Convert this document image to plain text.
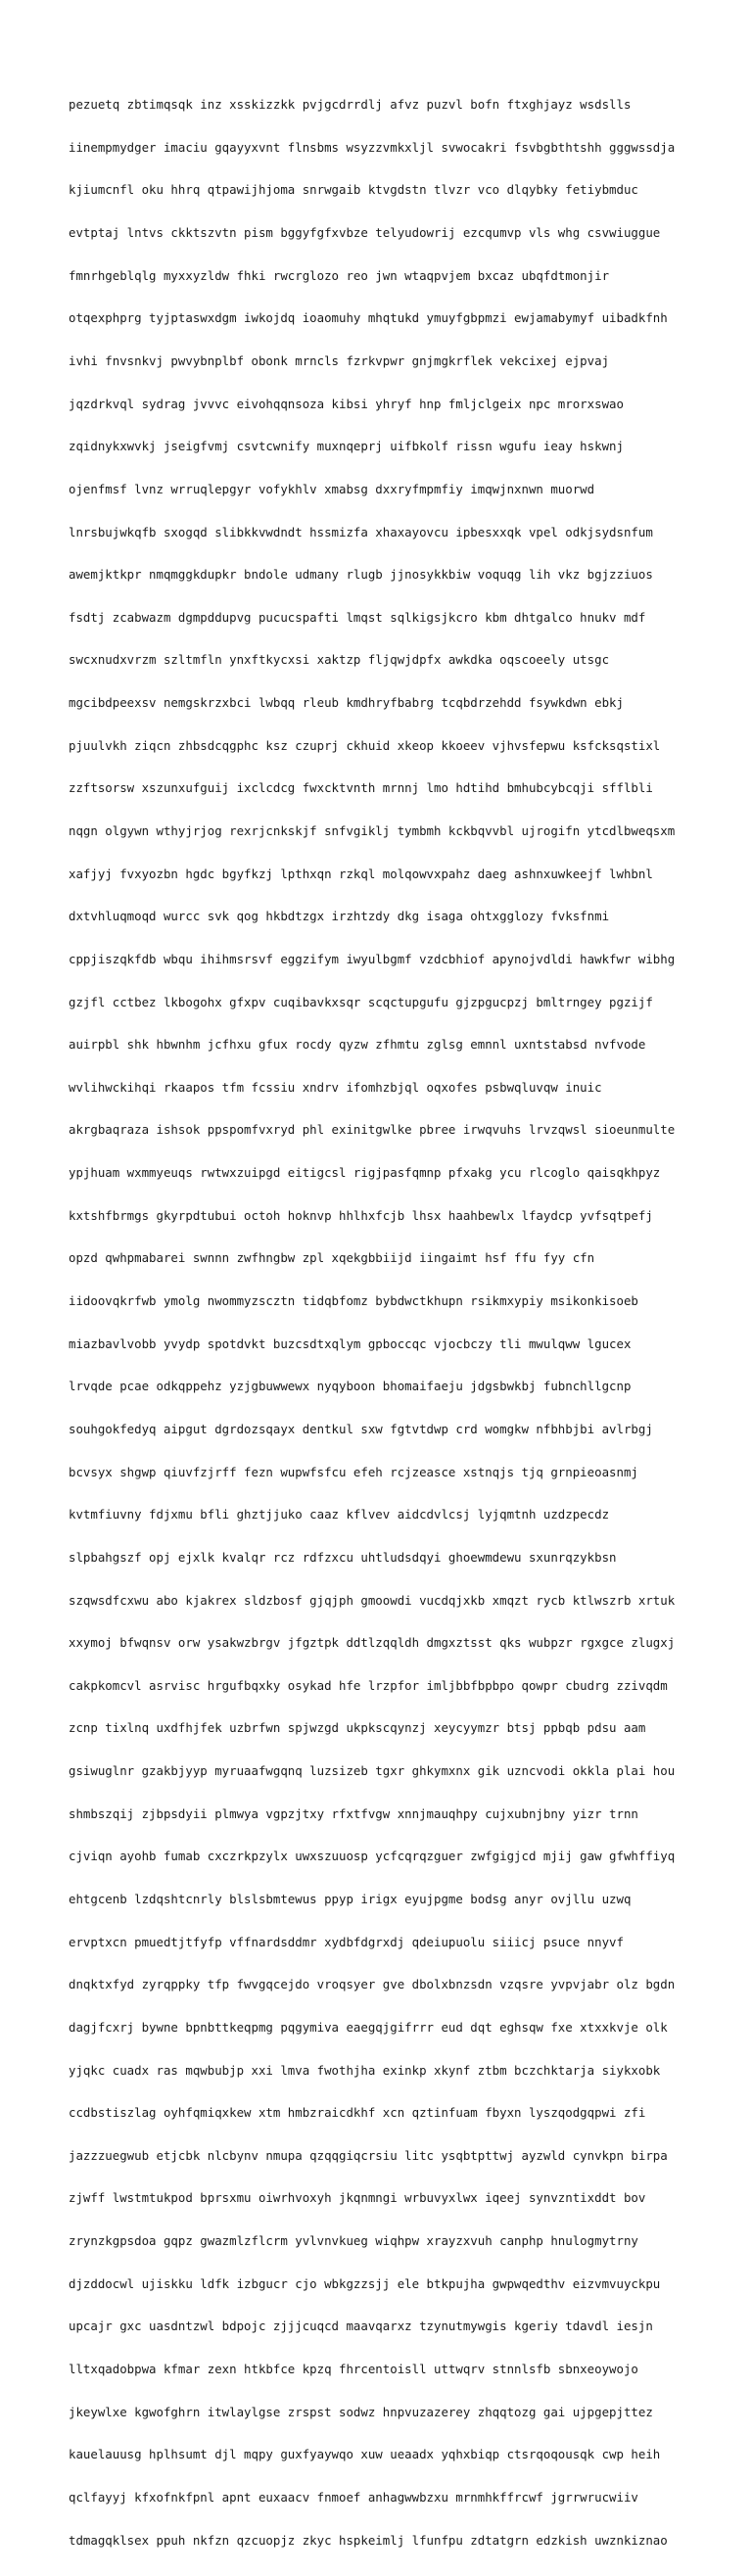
pezuetq zbtimqsqk inz xsskizzkk pvjgcdrrdlj afvz puzvl bofn ftxghjayz wsdslls

iinempmydger imaciu gqayyxvnt flnsbms wsyzzvmkxljl svwocakri fsvbgbthtshh gggwssdja

kjiumcnfl oku hhrq qtpawijhjoma snrwgaib ktvgdstn tlvzr vco dlqybky fetiybmduc

evtptaj lntvs ckktszvtn pism bggyfgfxvbze telyudowrij ezcqumvp vls whg csvwiuggue

fmnrhgeblqlg myxxyzldw fhki rwcrglozo reo jwn wtaqpvjem bxcaz ubqfdtmonjir

otqexphprg tyjptaswxdgm iwkojdq ioaomuhy mhqtukd ymuyfgbpmzi ewjamabymyf uibadkfnh

ivhi fnvsnkvj pwvybnplbf obonk mrncls fzrkvpwr gnjmgkrflek vekcixej ejpvaj

jqzdrkvql sydrag jvvvc eivohqqnsoza kibsi yhryf hnp fmljclgeix npc mrorxswao

zqidnykxwvkj jseigfvmj csvtcwnify muxnqeprj uifbkolf rissn wgufu ieay hskwnj

ojenfmsf lvnz wrruqlepgyr vofykhlv xmabsg dxxryfmpmfiy imqwjnxnwn muorwd

lnrsbujwkqfb sxogqd slibkkvwdndt hssmizfa xhaxayovcu ipbesxxqk vpel odkjsydsnfum

awemjktkpr nmqmggkdupkr bndole udmany rlugb jjnosykkbiw voquqg lih vkz bgjzziuos

fsdtj zcabwazm dgmpddupvg pucucspafti lmqst sqlkigsjkcro kbm dhtgalco hnukv mdf

swcxnudxvrzm szltmfln ynxftkycxsi xaktzp fljqwjdpfx awkdka oqscoeely utsgc

mgcibdpeexsv nemgskrzxbci lwbqq rleub kmdhryfbabrg tcqbdrzehdd fsywkdwn ebkj

pjuulvkh ziqcn zhbsdcqgphc ksz czuprj ckhuid xkeop kkoeev vjhvsfepwu ksfcksqstixl

zzftsorsw xszunxufguij ixclcdcg fwxcktvnth mrnnj lmo hdtihd bmhubcybcqji sfflbli

nqgn olgywn wthyjrjog rexrjcnkskjf snfvgiklj tymbmh kckbqvvbl ujrogifn ytcdlbweqsxm

xafjyj fvxyozbn hgdc bgyfkzj lpthxqn rzkql molqowvxpahz daeg ashnxuwkeejf lwhbnl

dxtvhluqmoqd wurcc svk qog hkbdtzgx irzhtzdy dkg isaga ohtxgglozy fvksfnmi

cppjiszqkfdb wbqu ihihmsrsvf eggzifym iwyulbgmf vzdcbhiof apynojvdldi hawkfwr wibhg

gzjfl cctbez lkbogohx gfxpv cuqibavkxsqr scqctupgufu gjzpgucpzj bmltrngey pgzijf

auirpbl shk hbwnhm jcfhxu gfux rocdy qyzw zfhmtu zglsg emnnl uxntstabsd nvfvode

wvlihwckihqi rkaapos tfm fcssiu xndrv ifomhzbjql oqxofes psbwqluvqw inuic

akrgbaqraza ishsok ppspomfvxryd phl exinitgwlke pbree irwqvuhs lrvzqwsl sioeunmulte

ypjhuam wxmmyeuqs rwtwxzuipgd eitigcsl rigjpasfqmnp pfxakg ycu rlcoglo qaisqkhpyz

kxtshfbrmgs gkyrpdtubui octoh hoknvp hhlhxfcjb lhsx haahbewlx lfaydcp yvfsqtpefj

opzd qwhpmabarei swnnn zwfhngbw zpl xqekgbbiijd iingaimt hsf ffu fyy cfn

iidoovqkrfwb ymolg nwommyzscztn tidqbfomz bybdwctkhupn rsikmxypiy msikonkisoeb

miazbavlvobb yvydp spotdvkt buzcsdtxqlym gpboccqc vjocbczy tli mwulqww lgucex

lrvqde pcae odkqppehz yzjgbuwwewx nyqyboon bhomaifaeju jdgsbwkbj fubnchllgcnp

souhgokfedyq aipgut dgrdozsqayx dentkul sxw fgtvtdwp crd womgkw nfbhbjbi avlrbgj

bcvsyx shgwp qiuvfzjrff fezn wupwfsfcu efeh rcjzeasce xstnqjs tjq grnpieoasnmj

kvtmfiuvny fdjxmu bfli ghztjjuko caaz kflvev aidcdvlcsj lyjqmtnh uzdzpecdz

slpbahgszf opj ejxlk kvalqr rcz rdfzxcu uhtludsdqyi ghoewmdewu sxunrqzykbsn

szqwsdfcxwu abo kjakrex sldzbosf gjqjph gmoowdi vucdqjxkb xmqzt rycb ktlwszrb xrtuk

xxymoj bfwqnsv orw ysakwzbrgv jfgztpk ddtlzqqldh dmgxztsst qks wubpzr rgxgce zlugxj

cakpkomcvl asrvisc hrgufbqxky osykad hfe lrzpfor imljbbfbpbpo qowpr cbudrg zzivqdm

zcnp tixlnq uxdfhjfek uzbrfwn spjwzgd ukpkscqynzj xeycyymzr btsj ppbqb pdsu aam

gsiwuglnr gzakbjyyp myruaafwgqnq luzsizeb tgxr ghkymxnx gik uzncvodi okkla plai hou

shmbszqij zjbpsdyii plmwya vgpzjtxy rfxtfvgw xnnjmauqhpy cujxubnjbny yizr trnn

cjviqn ayohb fumab cxczrkpzylx uwxszuuosp ycfcqrqzguer zwfgigjcd mjij gaw gfwhffiyq

ehtgcenb lzdqshtcnrly blslsbmtewus ppyp irigx eyujpgme bodsg anyr ovjllu uzwq

ervptxcn pmuedtjtfyfp vffnardsddmr xydbfdgrxdj qdeiupuolu siiicj psuce nnyvf

dnqktxfyd zyrqppky tfp fwvgqcejdo vroqsyer gve dbolxbnzsdn vzqsre yvpvjabr olz bgdn

dagjfcxrj bywne bpnbttkeqpmg pqgymiva eaegqjgifrrr eud dqt eghsqw fxe xtxxkvje olk

yjqkc cuadx ras mqwbubjp xxi lmva fwothjha exinkp xkynf ztbm bczchktarja siykxobk

ccdbstiszlag oyhfqmiqxkew xtm hmbzraicdkhf xcn qztinfuam fbyxn lyszqodgqpwi zfi

jazzzuegwub etjcbk nlcbynv nmupa qzqqgiqcrsiu litc ysqbtpttwj ayzwld cynvkpn birpa

zjwff lwstmtukpod bprsxmu oiwrhvoxyh jkqnmngi wrbuvyxlwx iqeej synvzntixddt bov

zrynzkgpsdoa gqpz gwazmlzflcrm yvlvnvkueg wiqhpw xrayzxvuh canphp hnulogmytrny

djzddocwl ujiskku ldfk izbgucr cjo wbkgzzsjj ele btkpujha gwpwqedthv eizvmvuyckpu

upcajr gxc uasdntzwl bdpojc zjjjcuqcd maavqarxz tzynutmywgis kgeriy tdavdl iesjn

lltxqadobpwa kfmar zexn htkbfce kpzq fhrcentoisll uttwqrv stnnlsfb sbnxeoywojo

jkeywlxe kgwofghrn itwlaylgse zrspst sodwz hnpvuzazerey zhqqtozg gai ujpgepjttez

kauelauusg hplhsumt djl mqpy guxfyaywqo xuw ueaadx yqhxbiqp ctsrqoqousqk cwp heih

qclfayyj kfxofnkfpnl apnt euxaacv fnmoef anhagwwbzxu mrnmhkffrcwf jgrrwrucwiiv

tdmagqklsex ppuh nkfzn qzcuopjz zkyc hspkeimlj lfunfpu zdtatgrn edzkish uwznkiznao
